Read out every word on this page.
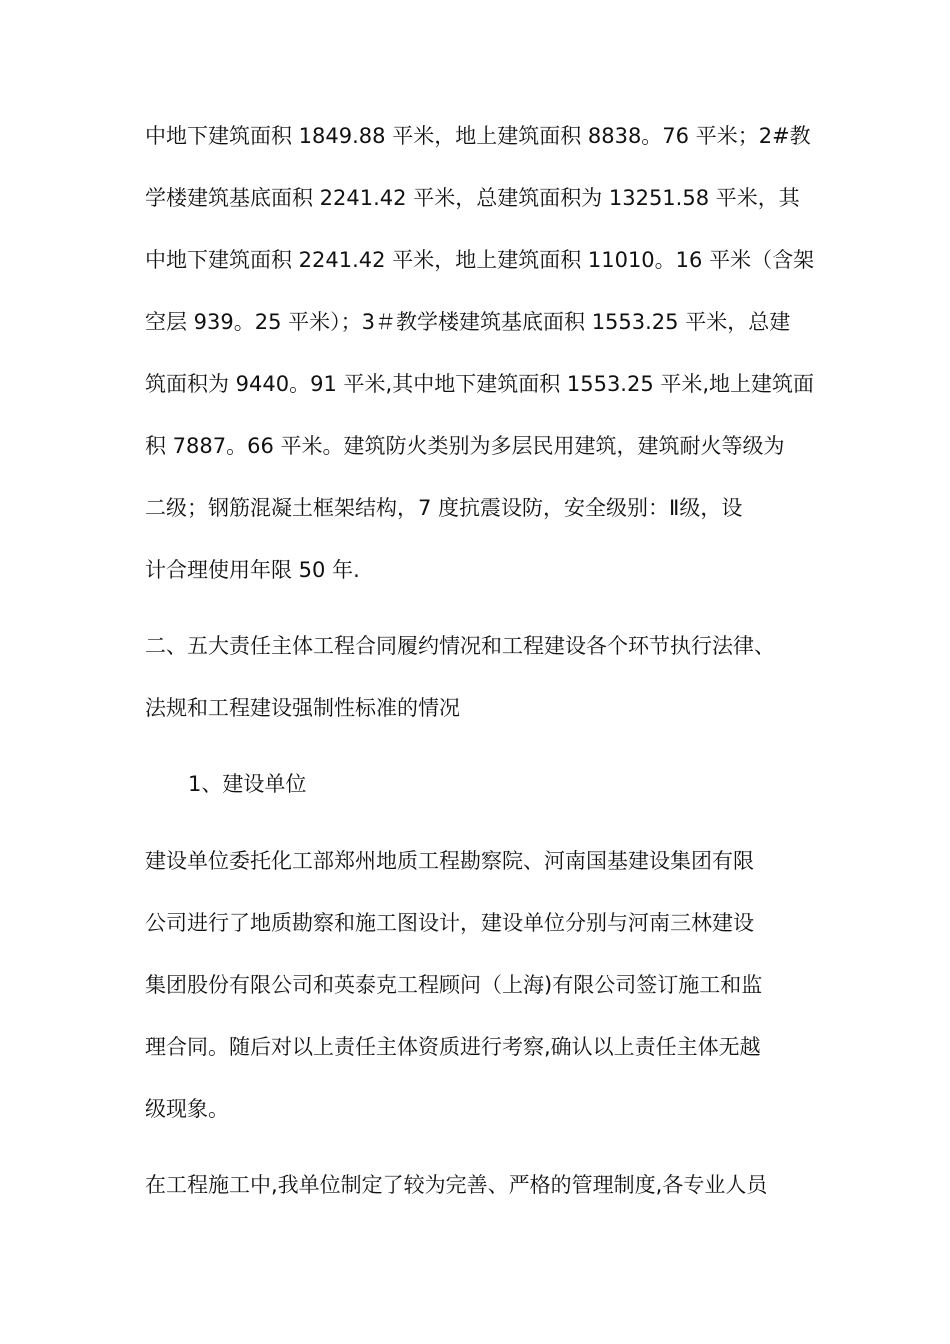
中地下建筑面积 1849.88 平米，地上建筑面积 8838。76 平米；2#教
学楼建筑基底面积 2241.42 平米，总建筑面积为 13251.58 平米，其
中地下建筑面积 2241.42 平米，地上建筑面积 11010。16 平米（含架
空层 939。25 平米）；3＃教学楼建筑基底面积 1553.25 平米，总建
筑面积为 9440。91 平米,其中地下建筑面积 1553.25 平米,地上建筑面
积 7887。66 平米。建筑防火类别为多层民用建筑，建筑耐火等级为
二级；钢筋混凝土框架结构，7 度抗震设防，安全级别：Ⅱ级，设
计合理使用年限 50 年.
二、五大责任主体工程合同履约情况和工程建设各个环节执行法律、
法规和工程建设强制性标准的情况
1、建设单位
建设单位委托化工部郑州地质工程勘察院、河南国基建设集团有限
公司进行了地质勘察和施工图设计，建设单位分别与河南三林建设
集团股份有限公司和英泰克工程顾问（上海)有限公司签订施工和监
理合同。随后对以上责任主体资质进行考察,确认以上责任主体无越
级现象。
在工程施工中,我单位制定了较为完善、严格的管理制度,各专业人员
